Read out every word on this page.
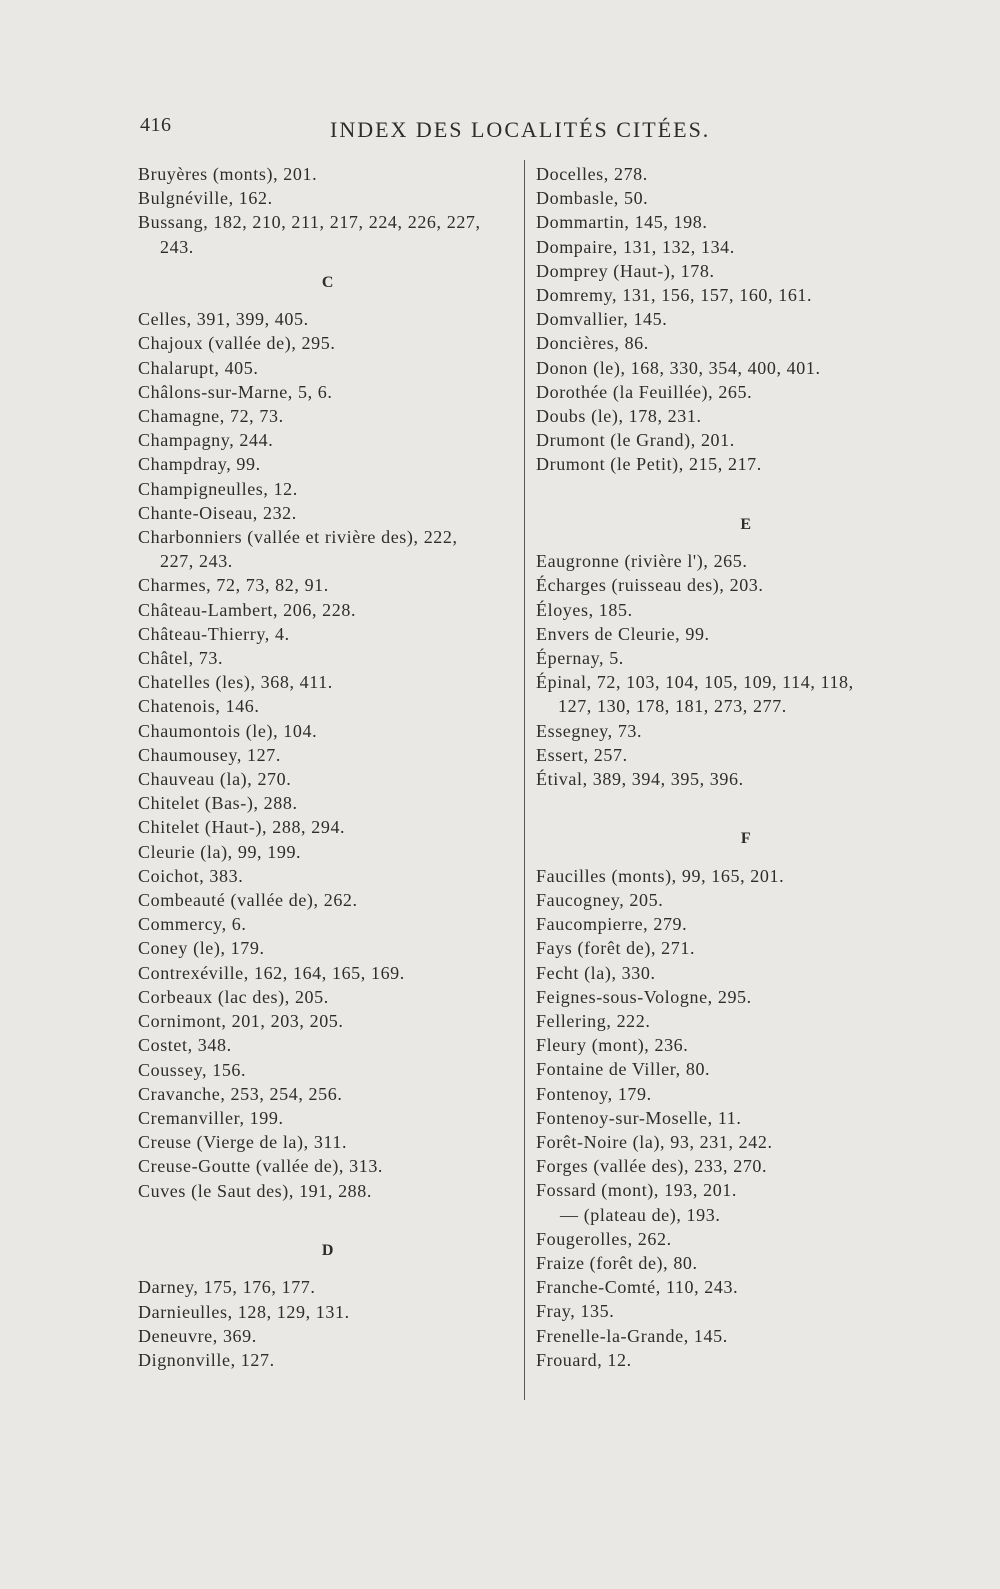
416	INDEX DES LOCALITÉS CITÉES.
Bruyères (monts), 201.
Bulgnéville, 162.
Bussang, 182, 210, 211, 217, 224, 226, 227,
243.
C
Celles, 391, 399, 405.
Chajoux (vallée de), 295.
Chalarupt, 405.
Châlons-sur-Marne, 5, 6.
Chamagne, 72, 73.
Champagny, 244.
Champdray, 99.
Champigneulles, 12.
Chante-Oiseau, 232.
Charbonniers (vallée et rivière des), 222,
227, 243.
Charmes, 72, 73, 82, 91.
Château-Lambert, 206, 228.
Château-Thierry, 4.
Châtel, 73.
Chatelles (les), 368, 411.
Chatenois, 146.
Chaumontois (le), 104.
Chaumousey, 127.
Chauveau (la), 270.
Chitelet (Bas-), 288.
Chitelet (Haut-), 288, 294.
Cleurie (la), 99, 199.
Coichot, 383.
Combeauté (vallée de), 262.
Commercy, 6.
Coney (le), 179.
Contrexéville, 162, 164, 165, 169.
Corbeaux (lac des), 205.
Cornimont, 201, 203, 205.
Costet, 348.
Coussey, 156.
Cravanche, 253, 254, 256.
Cremanviller, 199.
Creuse (Vierge de la), 311.
Creuse-Goutte (vallée de), 313.
Cuves (le Saut des), 191, 288.
D
Darney, 175, 176, 177.
Darnieulles, 128, 129, 131.
Deneuvre, 369.
Dignonville, 127.
Docelles, 278.
Dombasle, 50.
Dommartin, 145, 198.
Dompaire, 131, 132, 134.
Domprey (Haut-), 178.
Domremy, 131, 156, 157, 160, 161.
Domvallier, 145.
Doncières, 86.
Donon (le), 168, 330, 354, 400, 401.
Dorothée (la Feuillée), 265.
Doubs (le), 178, 231.
Drumont (le Grand), 201.
Drumont (le Petit), 215, 217.
E
Eaugronne (rivière l'), 265.
Écharges (ruisseau des), 203.
Éloyes, 185.
Envers de Cleurie, 99.
Épernay, 5.
Épinal, 72, 103, 104, 105, 109, 114, 118,
127, 130, 178, 181, 273, 277.
Essegney, 73.
Essert, 257.
Étival, 389, 394, 395, 396.
F
Faucilles (monts), 99, 165, 201.
Faucogney, 205.
Faucompierre, 279.
Fays (forêt de), 271.
Fecht (la), 330.
Feignes-sous-Vologne, 295.
Fellering, 222.
Fleury (mont), 236.
Fontaine de Viller, 80.
Fontenoy, 179.
Fontenoy-sur-Moselle, 11.
Forêt-Noire (la), 93, 231, 242.
Forges (vallée des), 233, 270.
Fossard (mont), 193, 201.
— (plateau de), 193.
Fougerolles, 262.
Fraize (forêt de), 80.
Franche-Comté, 110, 243.
Fray, 135.
Frenelle-la-Grande, 145.
Frouard, 12.
